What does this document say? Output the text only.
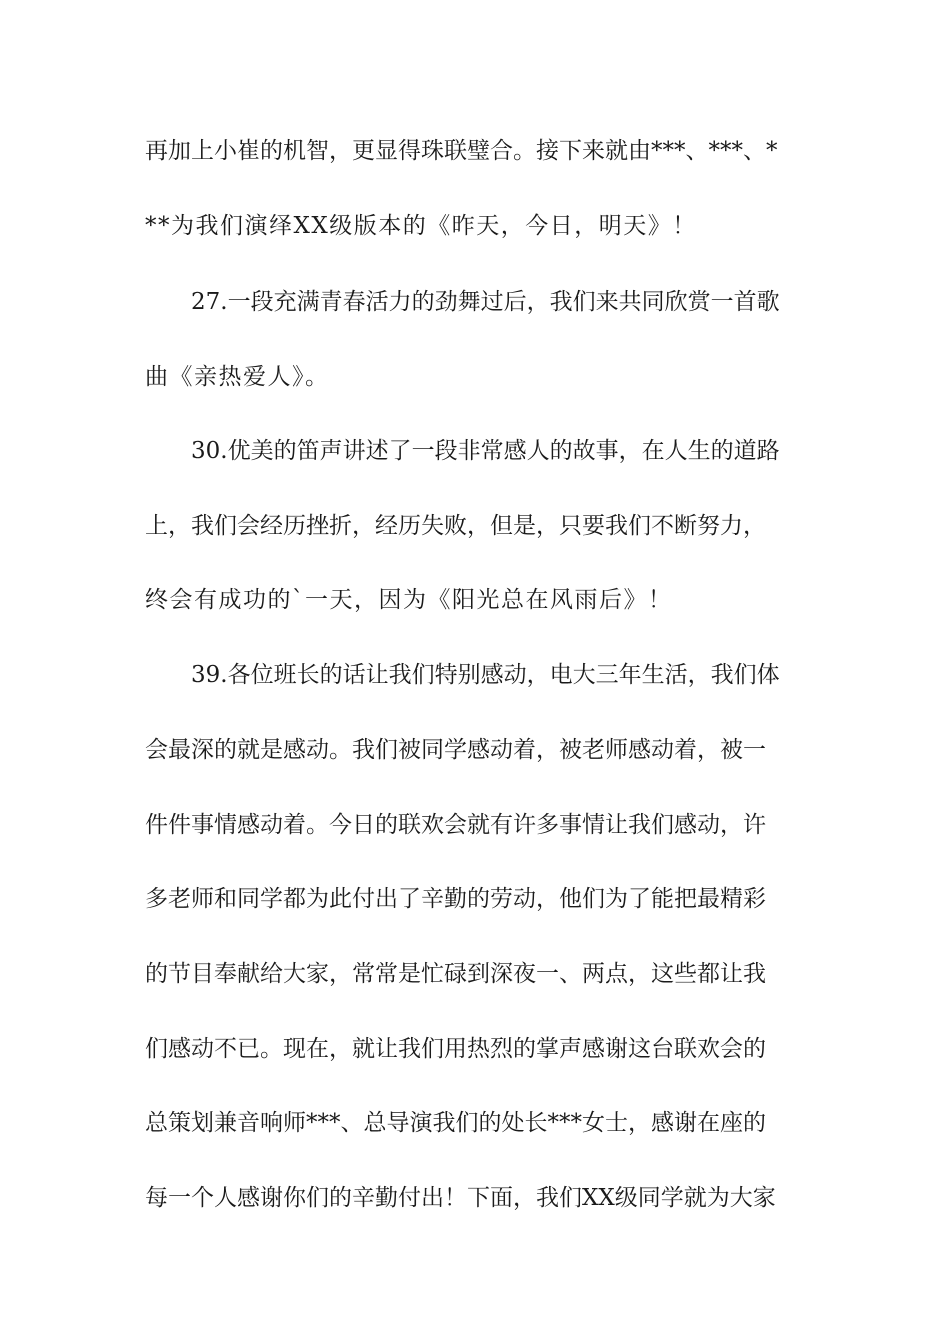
再加上小崔的机智，更显得珠联璧合。接下来就由***、***、*
**为我们演绎XX级版本的《昨天，今日，明天》！
27.一段充满青春活力的劲舞过后，我们来共同欣赏一首歌
曲《亲热爱人》。
30.优美的笛声讲述了一段非常感人的故事，在人生的道路
上，我们会经历挫折，经历失败，但是，只要我们不断努力，
终会有成功的`一天，因为《阳光总在风雨后》！
39.各位班长的话让我们特别感动，电大三年生活，我们体
会最深的就是感动。我们被同学感动着，被老师感动着，被一
件件事情感动着。今日的联欢会就有许多事情让我们感动，许
多老师和同学都为此付出了辛勤的劳动，他们为了能把最精彩
的节目奉献给大家，常常是忙碌到深夜一、两点，这些都让我
们感动不已。现在，就让我们用热烈的掌声感谢这台联欢会的
总策划兼音响师***、总导演我们的处长***女士，感谢在座的
每一个人感谢你们的辛勤付出！下面，我们XX级同学就为大家
